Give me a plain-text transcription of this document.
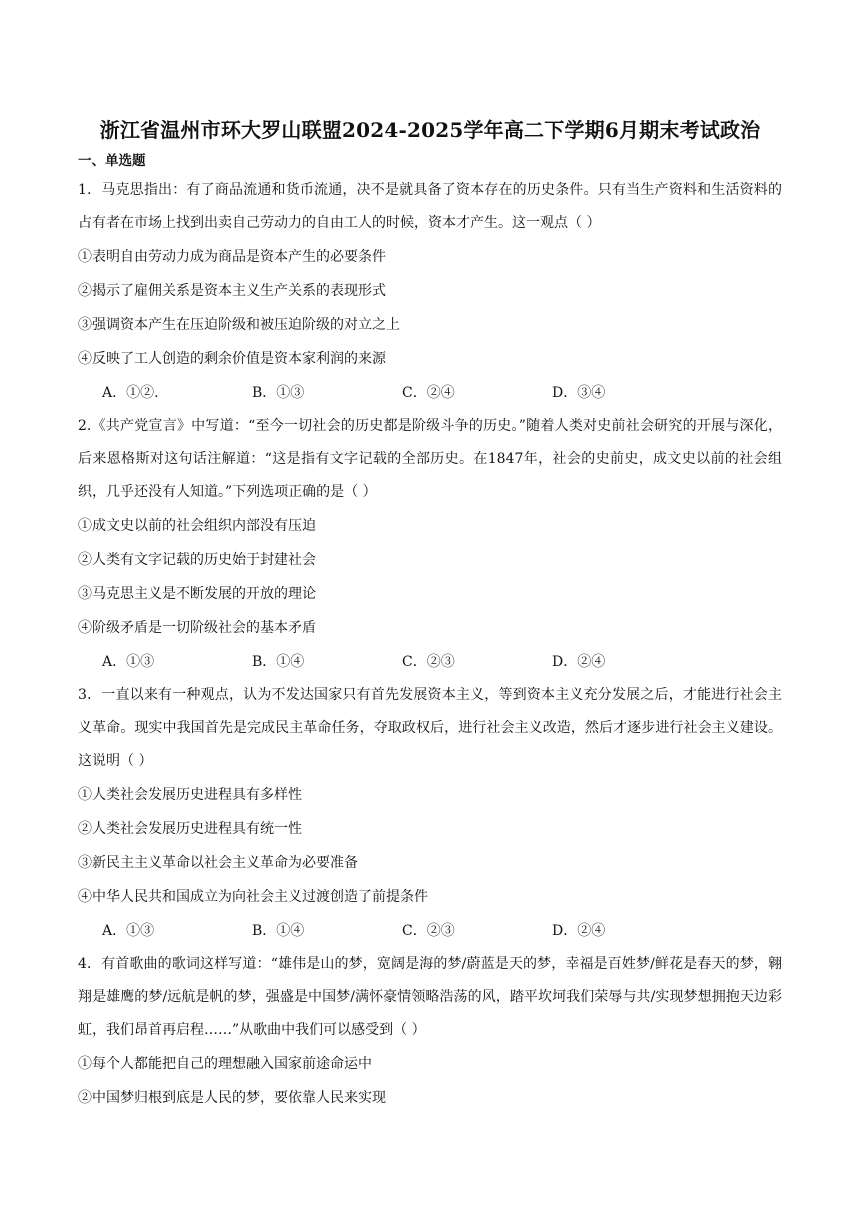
浙江省温州市环大罗山联盟2024-2025学年高二下学期6月期末考试政治
一、单选题

1．马克思指出：有了商品流通和货币流通，决不是就具备了资本存在的历史条件。只有当生产资料和生活资料的占有者在市场上找到出卖自己劳动力的自由工人的时候，资本才产生。这一观点（ ）

①表明自由劳动力成为商品是资本产生的必要条件

②揭示了雇佣关系是资本主义生产关系的表现形式

③强调资本产生在压迫阶级和被压迫阶级的对立之上

④反映了工人创造的剩余价值是资本家利润的来源

A．①②.	B．①③	C．②④	D．③④

2.《共产党宣言》中写道：“至今一切社会的历史都是阶级斗争的历史。”随着人类对史前社会研究的开展与深化，后来恩格斯对这句话注解道：“这是指有文字记载的全部历史。在1847年，社会的史前史，成文史以前的社会组织，几乎还没有人知道。”下列选项正确的是（ ）

①成文史以前的社会组织内部没有压迫

②人类有文字记载的历史始于封建社会

③马克思主义是不断发展的开放的理论

④阶级矛盾是一切阶级社会的基本矛盾

A．①③	B．①④	C．②③	D．②④

3．一直以来有一种观点，认为不发达国家只有首先发展资本主义，等到资本主义充分发展之后，才能进行社会主义革命。现实中我国首先是完成民主革命任务，夺取政权后，进行社会主义改造，然后才逐步进行社会主义建设。这说明（ ）

①人类社会发展历史进程具有多样性

②人类社会发展历史进程具有统一性

③新民主主义革命以社会主义革命为必要准备

④中华人民共和国成立为向社会主义过渡创造了前提条件

A．①③	B．①④	C．②③	D．②④

4．有首歌曲的歌词这样写道：“雄伟是山的梦，宽阔是海的梦/蔚蓝是天的梦，幸福是百姓梦/鲜花是春天的梦，翱翔是雄鹰的梦/远航是帆的梦，强盛是中国梦/满怀豪情领略浩荡的风，踏平坎坷我们荣辱与共/实现梦想拥抱天边彩虹，我们昂首再启程……”从歌曲中我们可以感受到（ ）

①每个人都能把自己的理想融入国家前途命运中

②中国梦归根到底是人民的梦，要依靠人民来实现
